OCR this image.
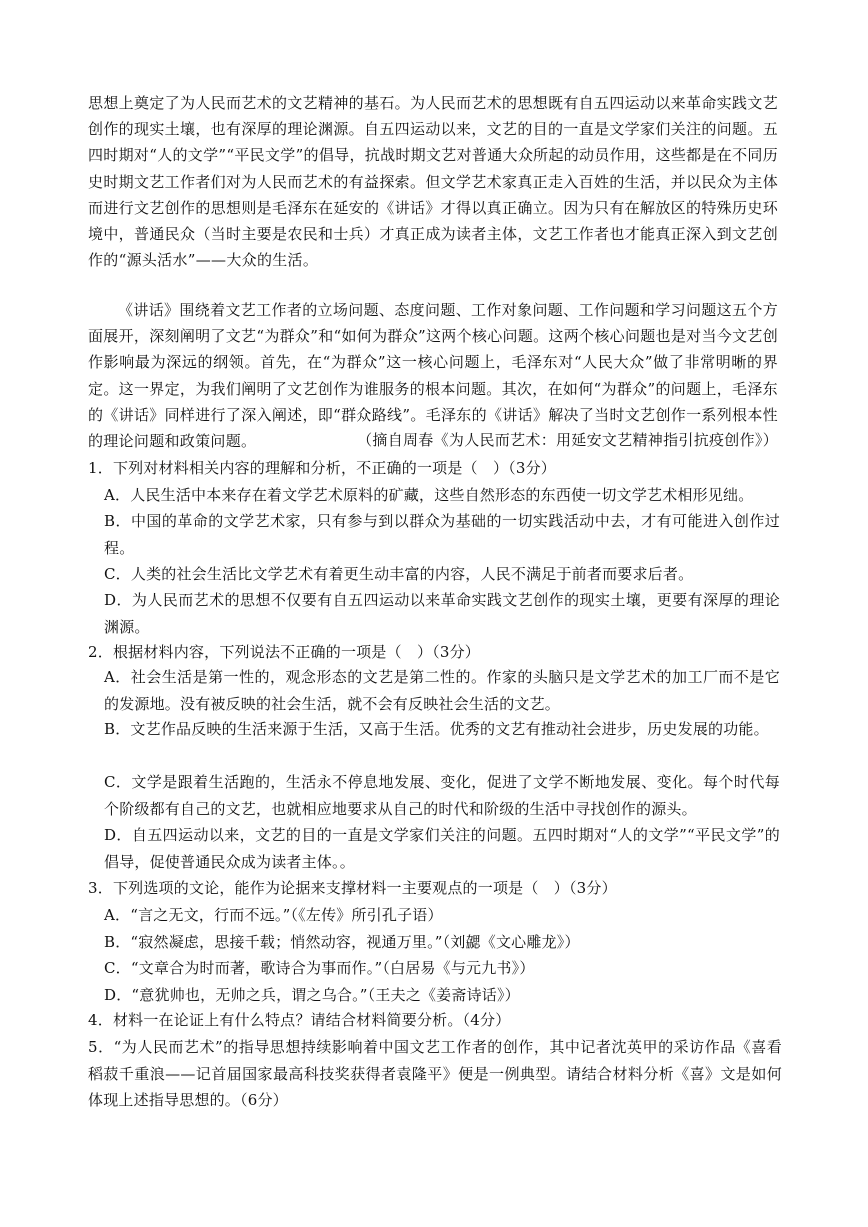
思想上奠定了为人民而艺术的文艺精神的基石。为人民而艺术的思想既有自五四运动以来革命实践文艺创作的现实土壤，也有深厚的理论渊源。自五四运动以来，文艺的目的一直是文学家们关注的问题。五四时期对“人的文学”“平民文学”的倡导，抗战时期文艺对普通大众所起的动员作用，这些都是在不同历史时期文艺工作者们对为人民而艺术的有益探索。但文学艺术家真正走入百姓的生活，并以民众为主体而进行文艺创作的思想则是毛泽东在延安的《讲话》才得以真正确立。因为只有在解放区的特殊历史环境中，普通民众（当时主要是农民和士兵）才真正成为读者主体，文艺工作者也才能真正深入到文艺创作的“源头活水”——大众的生活。

《讲话》围绕着文艺工作者的立场问题、态度问题、工作对象问题、工作问题和学习问题这五个方面展开，深刻阐明了文艺“为群众”和“如何为群众”这两个核心问题。这两个核心问题也是对当今文艺创作影响最为深远的纲领。首先，在“为群众”这一核心问题上，毛泽东对“人民大众”做了非常明晰的界定。这一界定，为我们阐明了文艺创作为谁服务的根本问题。其次，在如何“为群众”的问题上，毛泽东的《讲话》同样进行了深入阐述，即“群众路线”。毛泽东的《讲话》解决了当时文艺创作一系列根本性的理论问题和政策问题。	（摘自周春《为人民而艺术：用延安文艺精神指引抗疫创作》）
1．下列对材料相关内容的理解和分析，不正确的一项是（　）（3分）
A．人民生活中本来存在着文学艺术原料的矿藏，这些自然形态的东西使一切文学艺术相形见绌。
B．中国的革命的文学艺术家，只有参与到以群众为基础的一切实践活动中去，才有可能进入创作过程。
C．人类的社会生活比文学艺术有着更生动丰富的内容，人民不满足于前者而要求后者。
D．为人民而艺术的思想不仅要有自五四运动以来革命实践文艺创作的现实土壤，更要有深厚的理论渊源。
2．根据材料内容，下列说法不正确的一项是（　）（3分）
A．社会生活是第一性的，观念形态的文艺是第二性的。作家的头脑只是文学艺术的加工厂而不是它的发源地。没有被反映的社会生活，就不会有反映社会生活的文艺。
B．文艺作品反映的生活来源于生活，又高于生活。优秀的文艺有推动社会进步，历史发展的功能。
C．文学是跟着生活跑的，生活永不停息地发展、变化，促进了文学不断地发展、变化。每个时代每个阶级都有自己的文艺，也就相应地要求从自己的时代和阶级的生活中寻找创作的源头。
D．自五四运动以来，文艺的目的一直是文学家们关注的问题。五四时期对“人的文学”“平民文学”的倡导，促使普通民众成为读者主体。。
3．下列选项的文论，能作为论据来支撑材料一主要观点的一项是（　）（3分）
A．“言之无文，行而不远。”（《左传》所引孔子语）
B．“寂然凝虑，思接千载；悄然动容，视通万里。”（刘勰《文心雕龙》）
C．“文章合为时而著，歌诗合为事而作。”（白居易《与元九书》）
D．“意犹帅也，无帅之兵，谓之乌合。”（王夫之《姜斋诗话》）
4．材料一在论证上有什么特点？请结合材料简要分析。（4分）
5．“为人民而艺术”的指导思想持续影响着中国文艺工作者的创作，其中记者沈英甲的采访作品《喜看稻菽千重浪——记首届国家最高科技奖获得者袁隆平》便是一例典型。请结合材料分析《喜》文是如何体现上述指导思想的。（6分）
